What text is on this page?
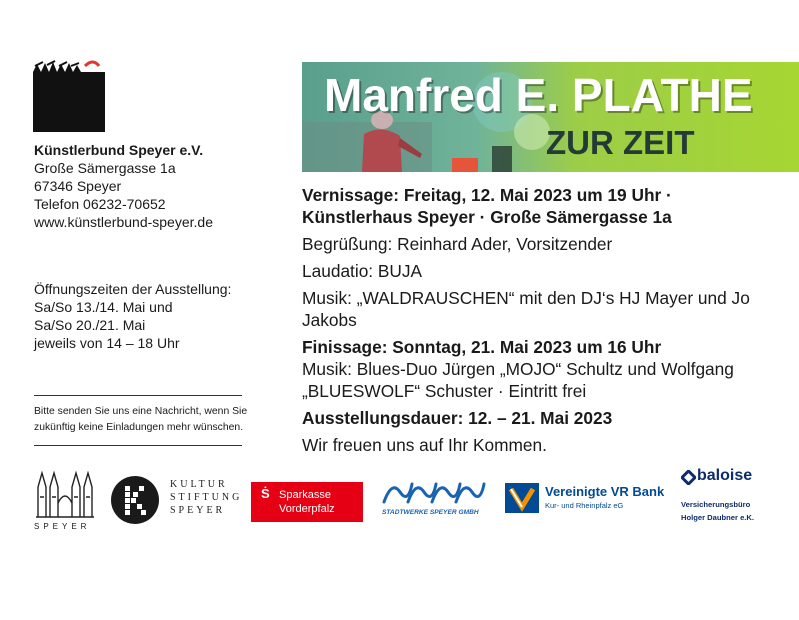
Künstlerbund Speyer e.V.
Große Sämergasse 1a
67346 Speyer
Telefon 06232-70652
www.künstlerbund-speyer.de
Öffnungszeiten der Ausstellung:
Sa/So 13./14. Mai und
Sa/So 20./21. Mai
jeweils von 14 – 18 Uhr
Bitte senden Sie uns eine Nachricht, wenn Sie zukünftig keine Einladungen mehr wünschen.
Manfred E. PLATHE
ZUR ZEIT

Vernissage: Freitag, 12. Mai 2023 um 19 Uhr ·

Künstlerhaus Speyer · Große Sämergasse 1a

Begrüßung: Reinhard Ader, Vorsitzender

Laudatio: BUJA

Musik: „WALDRAUSCHEN“ mit den DJ‘s HJ Mayer und Jo Jakobs

Finissage: Sonntag, 21. Mai 2023 um 16 Uhr

Musik: Blues-Duo Jürgen „MOJO“ Schultz und Wolfgang „BLUESWOLF“ Schuster · Eintritt frei

Ausstellungsdauer: 12. – 21. Mai 2023

Wir freuen uns auf Ihr Kommen.

SPEYER
KULTUR
STIFTUNG
SPEYER
Ṡ Sparkasse
Vorderpfalz	STADTWERKE SPEYER GMBH
Vereinigte VR Bank
Kur- und Rheinpfalz eG
baloise
Versicherungsbüro
Holger Daubner e.K.
